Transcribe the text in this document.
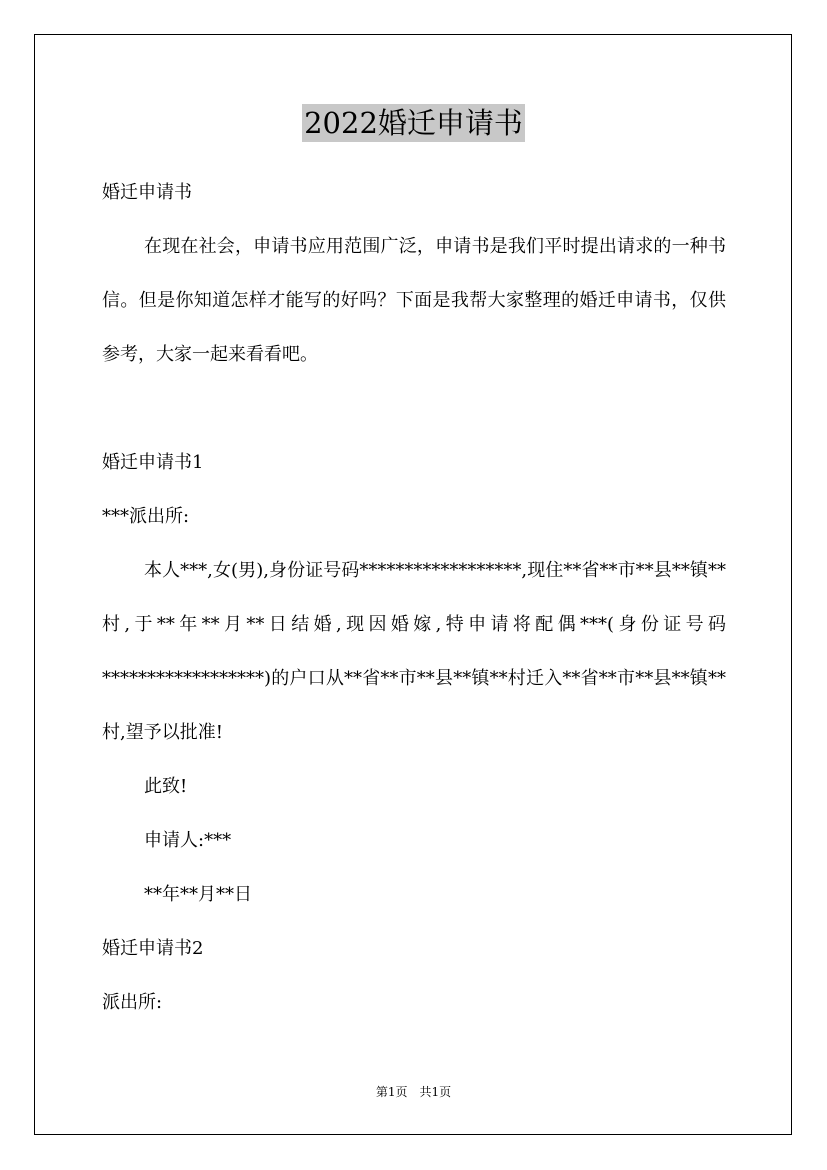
2022婚迁申请书

婚迁申请书

在现在社会，申请书应用范围广泛，申请书是我们平时提出请求的一种书信。但是你知道怎样才能写的好吗？下面是我帮大家整理的婚迁申请书，仅供参考，大家一起来看看吧。

婚迁申请书1

***派出所:

本人***,女(男),身份证号码******************,现住**省**市**县**镇**村,于**年**月**日结婚,现因婚嫁,特申请将配偶***(身份证号码******************)的户口从**省**市**县**镇**村迁入**省**市**县**镇**村,望予以批准!

此致!

申请人:***

**年**月**日

婚迁申请书2

派出所:

第1页　共1页
